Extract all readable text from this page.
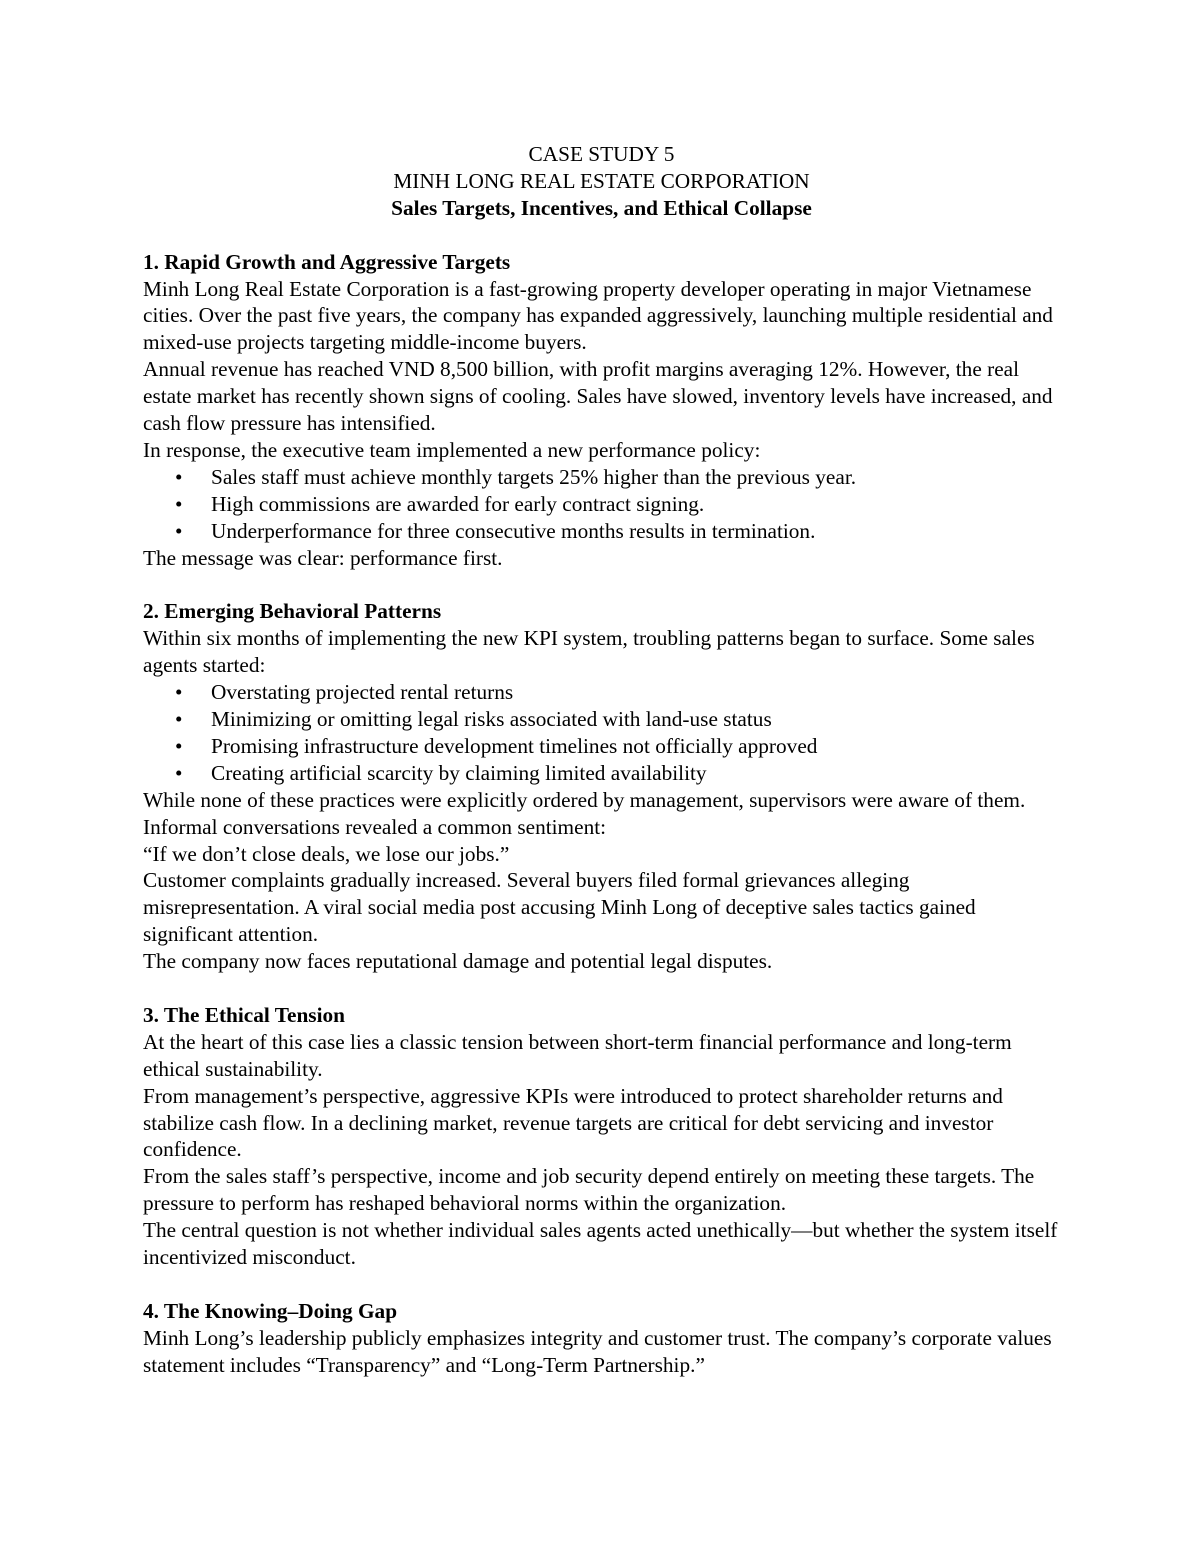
CASE STUDY 5
MINH LONG REAL ESTATE CORPORATION
Sales Targets, Incentives, and Ethical Collapse
1. Rapid Growth and Aggressive Targets

Minh Long Real Estate Corporation is a fast-growing property developer operating in major Vietnamese cities. Over the past five years, the company has expanded aggressively, launching multiple residential and mixed-use projects targeting middle-income buyers.

Annual revenue has reached VND 8,500 billion, with profit margins averaging 12%. However, the real estate market has recently shown signs of cooling. Sales have slowed, inventory levels have increased, and cash flow pressure has intensified.

In response, the executive team implemented a new performance policy:

• Sales staff must achieve monthly targets 25% higher than the previous year.
• High commissions are awarded for early contract signing.
• Underperformance for three consecutive months results in termination.

The message was clear: performance first.

2. Emerging Behavioral Patterns

Within six months of implementing the new KPI system, troubling patterns began to surface. Some sales agents started:

• Overstating projected rental returns
• Minimizing or omitting legal risks associated with land-use status
• Promising infrastructure development timelines not officially approved
• Creating artificial scarcity by claiming limited availability

While none of these practices were explicitly ordered by management, supervisors were aware of them. Informal conversations revealed a common sentiment:

“If we don’t close deals, we lose our jobs.”

Customer complaints gradually increased. Several buyers filed formal grievances alleging misrepresentation. A viral social media post accusing Minh Long of deceptive sales tactics gained significant attention.

The company now faces reputational damage and potential legal disputes.

3. The Ethical Tension

At the heart of this case lies a classic tension between short-term financial performance and long-term ethical sustainability.

From management’s perspective, aggressive KPIs were introduced to protect shareholder returns and stabilize cash flow. In a declining market, revenue targets are critical for debt servicing and investor confidence.

From the sales staff’s perspective, income and job security depend entirely on meeting these targets. The pressure to perform has reshaped behavioral norms within the organization.

The central question is not whether individual sales agents acted unethically—but whether the system itself incentivized misconduct.

4. The Knowing–Doing Gap

Minh Long’s leadership publicly emphasizes integrity and customer trust. The company’s corporate values statement includes “Transparency” and “Long-Term Partnership.”
